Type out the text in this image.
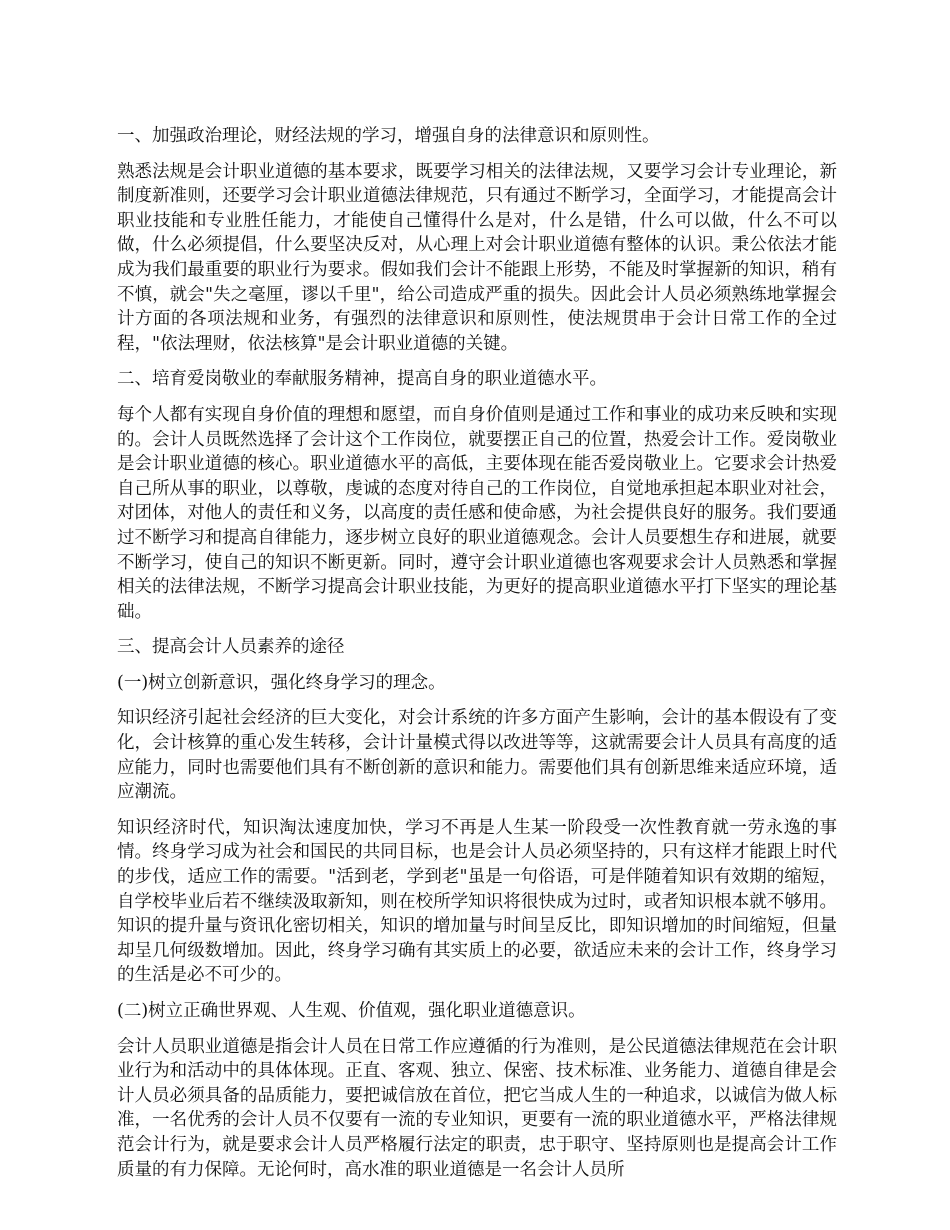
一、加强政治理论，财经法规的学习，增强自身的法律意识和原则性。
熟悉法规是会计职业道德的基本要求，既要学习相关的法律法规，又要学习会计专业理论，新制度新准则，还要学习会计职业道德法律规范，只有通过不断学习，全面学习，才能提高会计职业技能和专业胜任能力，才能使自己懂得什么是对，什么是错，什么可以做，什么不可以做，什么必须提倡，什么要坚决反对，从心理上对会计职业道德有整体的认识。秉公依法才能成为我们最重要的职业行为要求。假如我们会计不能跟上形势，不能及时掌握新的知识，稍有不慎，就会"失之毫厘，谬以千里"，给公司造成严重的损失。因此会计人员必须熟练地掌握会计方面的各项法规和业务，有强烈的法律意识和原则性，使法规贯串于会计日常工作的全过程，"依法理财，依法核算"是会计职业道德的关键。
二、培育爱岗敬业的奉献服务精神，提高自身的职业道德水平。
每个人都有实现自身价值的理想和愿望，而自身价值则是通过工作和事业的成功来反映和实现的。会计人员既然选择了会计这个工作岗位，就要摆正自己的位置，热爱会计工作。爱岗敬业是会计职业道德的核心。职业道德水平的高低，主要体现在能否爱岗敬业上。它要求会计热爱自己所从事的职业，以尊敬，虔诚的态度对待自己的工作岗位，自觉地承担起本职业对社会，对团体，对他人的责任和义务，以高度的责任感和使命感，为社会提供良好的服务。我们要通过不断学习和提高自律能力，逐步树立良好的职业道德观念。会计人员要想生存和进展，就要不断学习，使自己的知识不断更新。同时，遵守会计职业道德也客观要求会计人员熟悉和掌握相关的法律法规，不断学习提高会计职业技能，为更好的提高职业道德水平打下坚实的理论基础。
三、提高会计人员素养的途径
(一)树立创新意识，强化终身学习的理念。
知识经济引起社会经济的巨大变化，对会计系统的许多方面产生影响，会计的基本假设有了变化，会计核算的重心发生转移，会计计量模式得以改进等等，这就需要会计人员具有高度的适应能力，同时也需要他们具有不断创新的意识和能力。需要他们具有创新思维来适应环境，适应潮流。
知识经济时代，知识淘汰速度加快，学习不再是人生某一阶段受一次性教育就一劳永逸的事情。终身学习成为社会和国民的共同目标，也是会计人员必须坚持的，只有这样才能跟上时代的步伐，适应工作的需要。"活到老，学到老"虽是一句俗语，可是伴随着知识有效期的缩短，自学校毕业后若不继续汲取新知，则在校所学知识将很快成为过时，或者知识根本就不够用。知识的提升量与资讯化密切相关，知识的增加量与时间呈反比，即知识增加的时间缩短，但量却呈几何级数增加。因此，终身学习确有其实质上的必要，欲适应未来的会计工作，终身学习的生活是必不可少的。
(二)树立正确世界观、人生观、价值观，强化职业道德意识。
会计人员职业道德是指会计人员在日常工作应遵循的行为准则，是公民道德法律规范在会计职业行为和活动中的具体体现。正直、客观、独立、保密、技术标准、业务能力、道德自律是会计人员必须具备的品质能力，要把诚信放在首位，把它当成人生的一种追求，以诚信为做人标准，一名优秀的会计人员不仅要有一流的专业知识，更要有一流的职业道德水平，严格法律规范会计行为，就是要求会计人员严格履行法定的职责，忠于职守、坚持原则也是提高会计工作质量的有力保障。无论何时，高水准的职业道德是一名会计人员所
